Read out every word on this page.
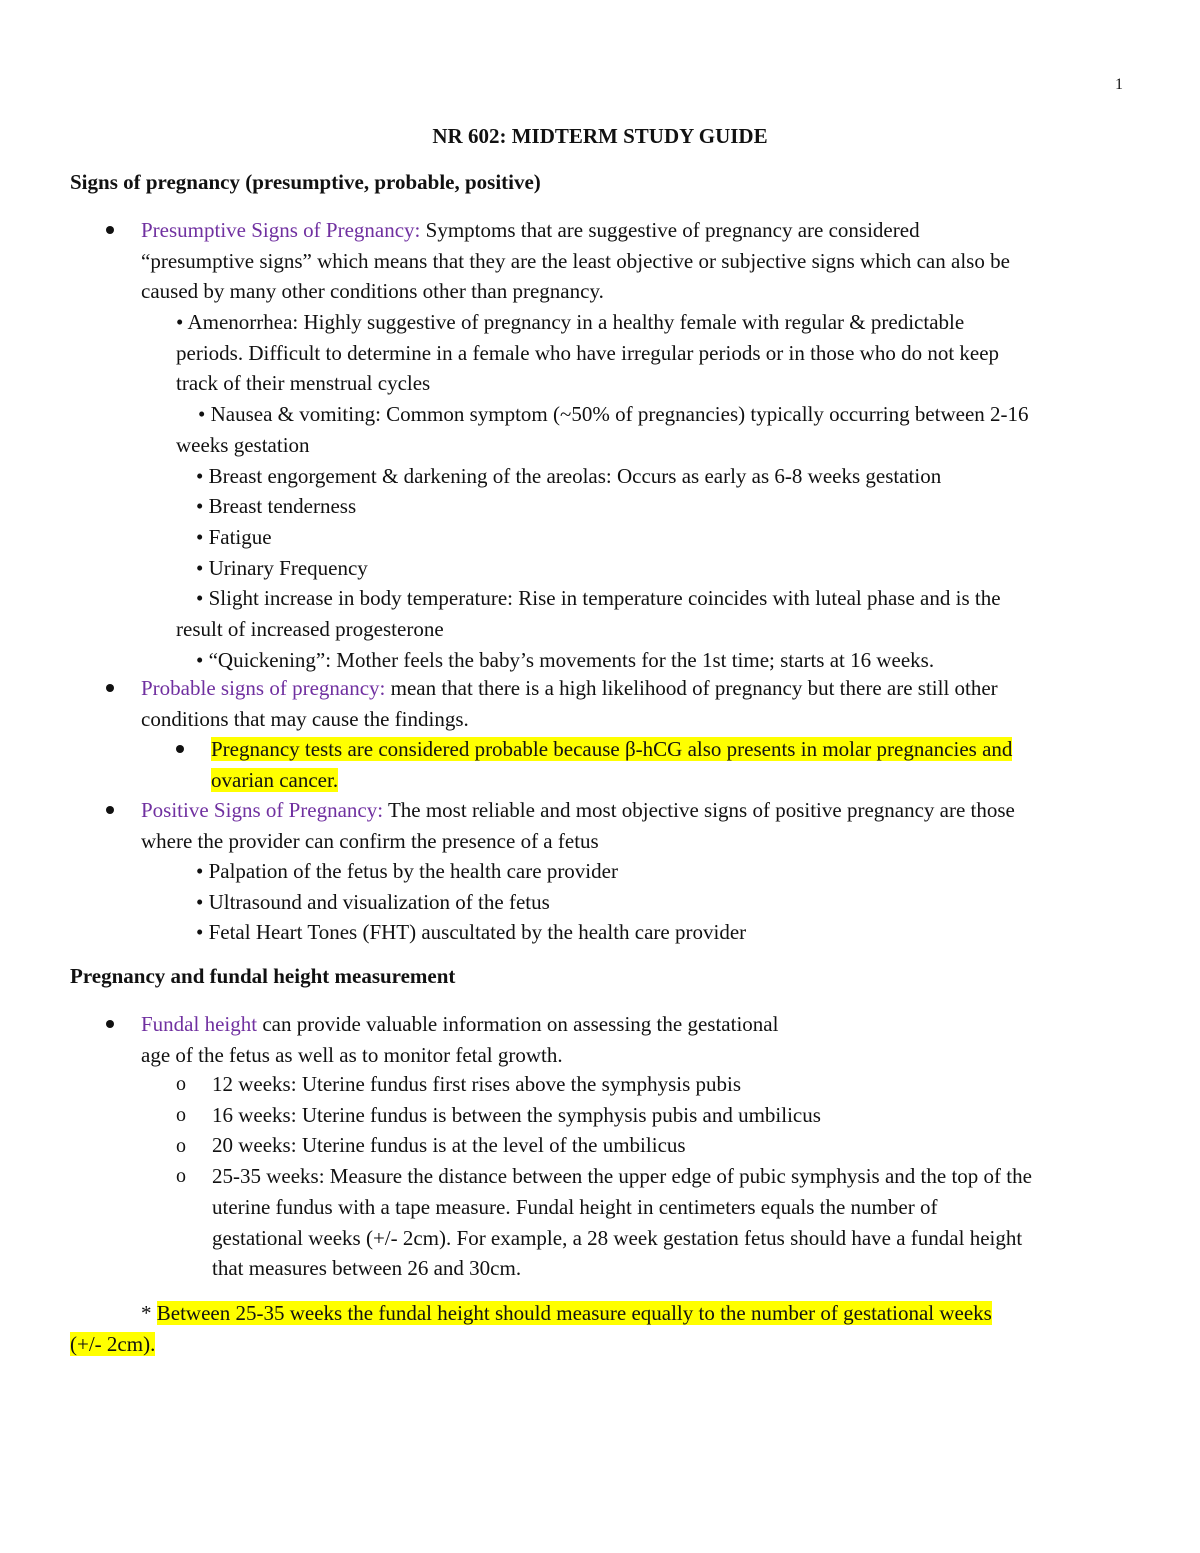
1
NR 602: MIDTERM STUDY GUIDE
Signs of pregnancy (presumptive, probable, positive)
Presumptive Signs of Pregnancy: Symptoms that are suggestive of pregnancy are considered
“presumptive signs” which means that they are the least objective or subjective signs which can also be
caused by many other conditions other than pregnancy.
• Amenorrhea: Highly suggestive of pregnancy in a healthy female with regular & predictable
periods. Difficult to determine in a female who have irregular periods or in those who do not keep
track of their menstrual cycles
• Nausea & vomiting: Common symptom (~50% of pregnancies) typically occurring between 2-16
weeks gestation
• Breast engorgement & darkening of the areolas: Occurs as early as 6-8 weeks gestation
• Breast tenderness
• Fatigue
• Urinary Frequency
• Slight increase in body temperature: Rise in temperature coincides with luteal phase and is the
result of increased progesterone
• “Quickening”: Mother feels the baby’s movements for the 1st time; starts at 16 weeks.
Probable signs of pregnancy: mean that there is a high likelihood of pregnancy but there are still other
conditions that may cause the findings.
Pregnancy tests are considered probable because β-hCG also presents in molar pregnancies and
ovarian cancer.
Positive Signs of Pregnancy: The most reliable and most objective signs of positive pregnancy are those
where the provider can confirm the presence of a fetus
• Palpation of the fetus by the health care provider
• Ultrasound and visualization of the fetus
• Fetal Heart Tones (FHT) auscultated by the health care provider
Pregnancy and fundal height measurement
Fundal height can provide valuable information on assessing the gestational
age of the fetus as well as to monitor fetal growth.
o
o
o
o
12 weeks: Uterine fundus first rises above the symphysis pubis
16 weeks: Uterine fundus is between the symphysis pubis and umbilicus
20 weeks: Uterine fundus is at the level of the umbilicus
25-35 weeks: Measure the distance between the upper edge of pubic symphysis and the top of the
uterine fundus with a tape measure. Fundal height in centimeters equals the number of
gestational weeks (+/- 2cm). For example, a 28 week gestation fetus should have a fundal height
that measures between 26 and 30cm.
* Between 25-35 weeks the fundal height should measure equally to the number of gestational weeks
(+/- 2cm).
